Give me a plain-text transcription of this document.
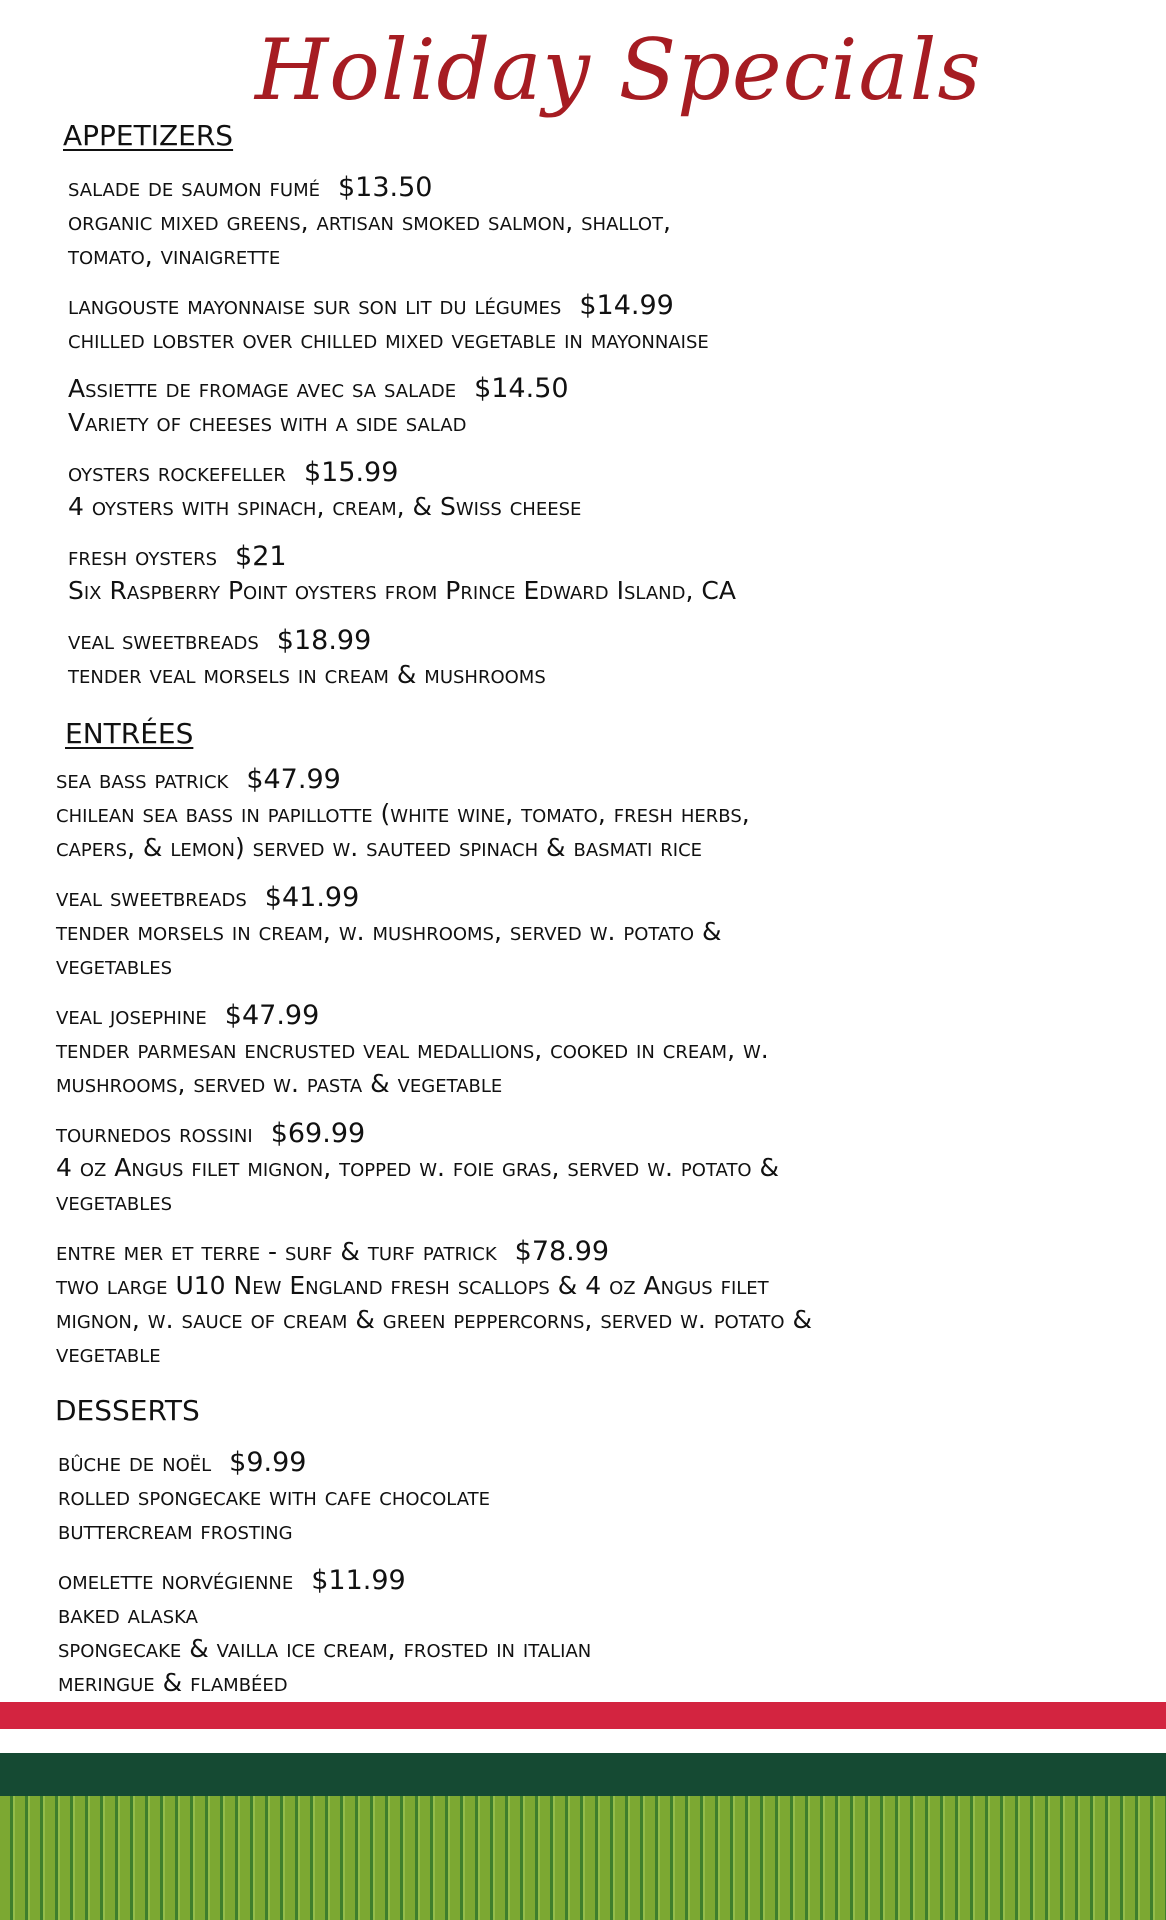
Holiday Specials
APPETIZERS
salade de saumon fumé $13.50
organic mixed greens, artisan smoked salmon, shallot,
tomato, vinaigrette
langouste mayonnaise sur son lit du légumes $14.99
chilled lobster over chilled mixed vegetable in mayonnaise
Assiette de fromage avec sa salade $14.50
Variety of cheeses with a side salad
oysters rockefeller $15.99
4 oysters with spinach, cream, & Swiss cheese
fresh oysters $21
Six Raspberry Point oysters from Prince Edward Island, CA
veal sweetbreads $18.99
tender veal morsels in cream & mushrooms
ENTRÉES
sea bass patrick $47.99
chilean sea bass in papillotte (white wine, tomato, fresh herbs,
capers, & lemon) served w. sauteed spinach & basmati rice
veal sweetbreads $41.99
tender morsels in cream, w. mushrooms, served w. potato &
vegetables
veal josephine $47.99
tender parmesan encrusted veal medallions, cooked in cream, w.
mushrooms, served w. pasta & vegetable
tournedos rossini $69.99
4 oz Angus filet mignon, topped w. foie gras, served w. potato &
vegetables
entre mer et terre - surf & turf patrick $78.99
two large U10 New England fresh scallops & 4 oz Angus filet
mignon, w. sauce of cream & green peppercorns, served w. potato &
vegetable
DESSERTS
bûche de noël $9.99
rolled spongecake with cafe chocolate
buttercream frosting
omelette norvégienne $11.99
baked alaska
spongecake & vailla ice cream, frosted in italian
meringue & flambéed
